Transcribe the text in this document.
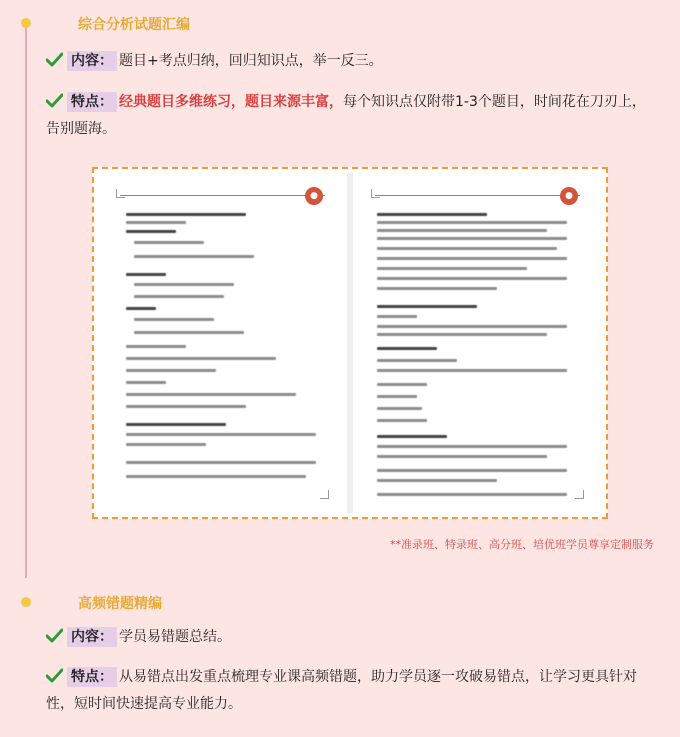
综合分析试题汇编
内容： 题目+考点归纳，回归知识点，举一反三。
特点： 经典题目多维练习，题目来源丰富，每个知识点仅附带1-3个题目，时间花在刀刃上，告别题海。
●	●
**准录班、特录班、高分班、培优班学员尊享定制服务
高频错题精编
内容： 学员易错题总结。
特点： 从易错点出发重点梳理专业课高频错题，助力学员逐一攻破易错点，让学习更具针对性，短时间快速提高专业能力。
